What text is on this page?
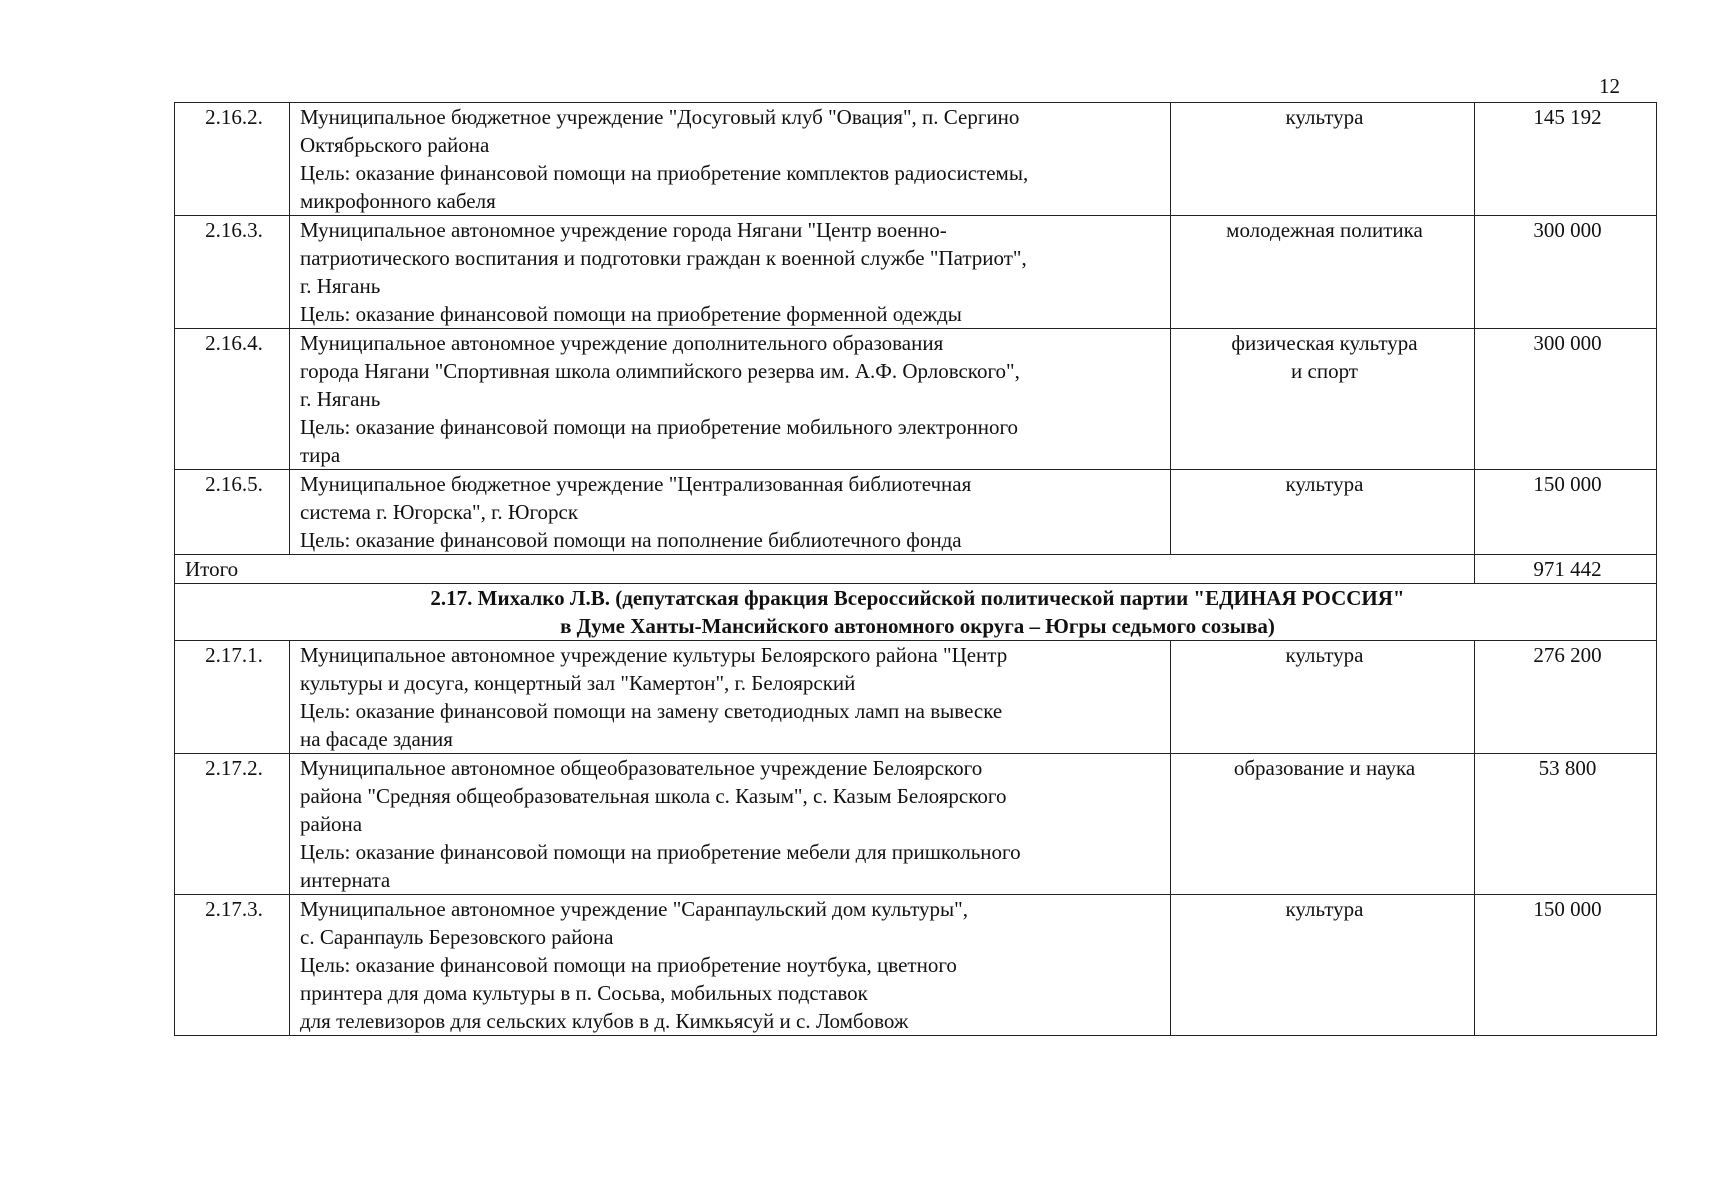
12
2.16.2.	Муниципальное бюджетное учреждение "Досуговый клуб "Овация", п. Сергино
Октябрьского района
Цель: оказание финансовой помощи на приобретение комплектов радиосистемы,
микрофонного кабеля	культура	145 192
2.16.3.	Муниципальное автономное учреждение города Нягани "Центр военно-
патриотического воспитания и подготовки граждан к военной службе "Патриот",
г. Нягань
Цель: оказание финансовой помощи на приобретение форменной одежды	молодежная политика	300 000
2.16.4.	Муниципальное автономное учреждение дополнительного образования
города Нягани "Спортивная школа олимпийского резерва им. А.Ф. Орловского",
г. Нягань
Цель: оказание финансовой помощи на приобретение мобильного электронного
тира	физическая культура
и спорт	300 000
2.16.5.	Муниципальное бюджетное учреждение "Централизованная библиотечная
система г. Югорска", г. Югорск
Цель: оказание финансовой помощи на пополнение библиотечного фонда	культура	150 000
Итого			971 442

2.17. Михалко Л.В. (депутатская фракция Всероссийской политической партии "ЕДИНАЯ РОССИЯ"
в Думе Ханты-Мансийского автономного округа – Югры седьмого созыва)			

2.17.1.	Муниципальное автономное учреждение культуры Белоярского района "Центр
культуры и досуга, концертный зал "Камертон", г. Белоярский
Цель: оказание финансовой помощи на замену светодиодных ламп на вывеске
на фасаде здания	культура	276 200
2.17.2.	Муниципальное автономное общеобразовательное учреждение Белоярского
района "Средняя общеобразовательная школа с. Казым", с. Казым Белоярского
района
Цель: оказание финансовой помощи на приобретение мебели для пришкольного
интерната	образование и наука	53 800
2.17.3.	Муниципальное автономное учреждение "Саранпаульский дом культуры",
с. Саранпауль Березовского района
Цель: оказание финансовой помощи на приобретение ноутбука, цветного
принтера для дома культуры в п. Сосьва, мобильных подставок
для телевизоров для сельских клубов в д. Кимкьясуй и с. Ломбовож	культура	150 000
